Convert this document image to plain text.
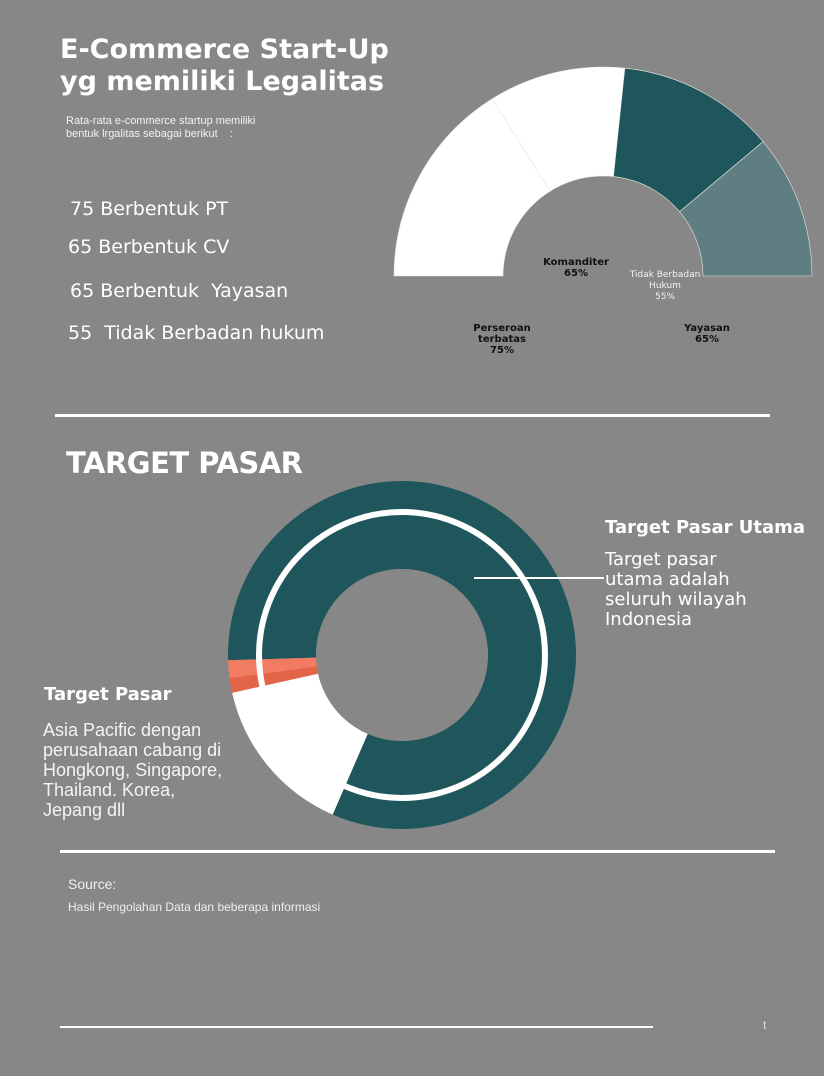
E-Commerce Start-Up
yg memiliki Legalitas
Rata-rata e-commerce startup memiliki
bentuk lrgalitas sebagai berikut    :
75 Berbentuk PT
65 Berbentuk CV
65 Berbentuk  Yayasan
55  Tidak Berbadan hukum	Perseroan terbatas 75%
Komanditer 65%	Tidak Berbadan Hukum 55%
Yayasan 65%
TARGET PASAR
Target Pasar Utama
Target pasar
utama adalah
seluruh wilayah
Indonesia
Target Pasar
Asia Pacific dengan
perusahaan cabang di
Hongkong, Singapore,
Thailand. Korea,
Jepang dll
Source:
Hasil Pengolahan Data dan beberapa informasi
t
